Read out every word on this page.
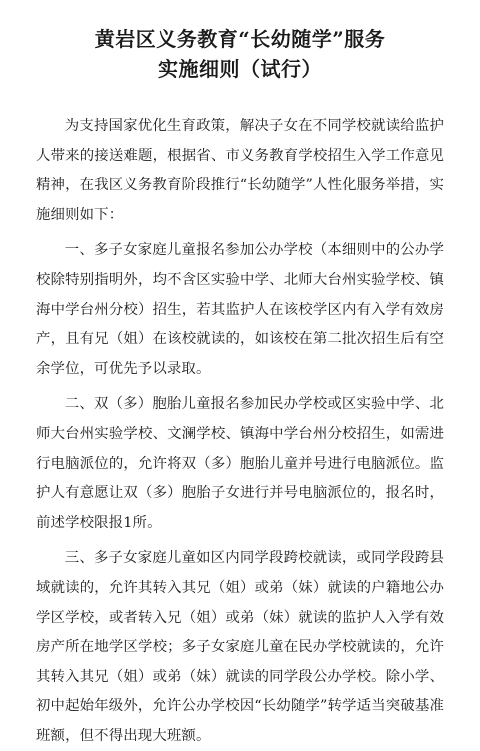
黄岩区义务教育“长幼随学”服务

实施细则（试行）

为支持国家优化生育政策，解决子女在不同学校就读给监护人带来的接送难题，根据省、市义务教育学校招生入学工作意见精神，在我区义务教育阶段推行“长幼随学”人性化服务举措，实施细则如下：

一、多子女家庭儿童报名参加公办学校（本细则中的公办学校除特别指明外，均不含区实验中学、北师大台州实验学校、镇海中学台州分校）招生，若其监护人在该校学区内有入学有效房产，且有兄（姐）在该校就读的，如该校在第二批次招生后有空余学位，可优先予以录取。

二、双（多）胞胎儿童报名参加民办学校或区实验中学、北师大台州实验学校、文澜学校、镇海中学台州分校招生，如需进行电脑派位的，允许将双（多）胞胎儿童并号进行电脑派位。监护人有意愿让双（多）胞胎子女进行并号电脑派位的，报名时，前述学校限报1所。

三、多子女家庭儿童如区内同学段跨校就读，或同学段跨县域就读的，允许其转入其兄（姐）或弟（妹）就读的户籍地公办学区学校，或者转入兄（姐）或弟（妹）就读的监护人入学有效房产所在地学区学校；多子女家庭儿童在民办学校就读的，允许其转入其兄（姐）或弟（妹）就读的同学段公办学校。除小学、初中起始年级外，允许公办学校因“长幼随学”转学适当突破基准班额，但不得出现大班额。
